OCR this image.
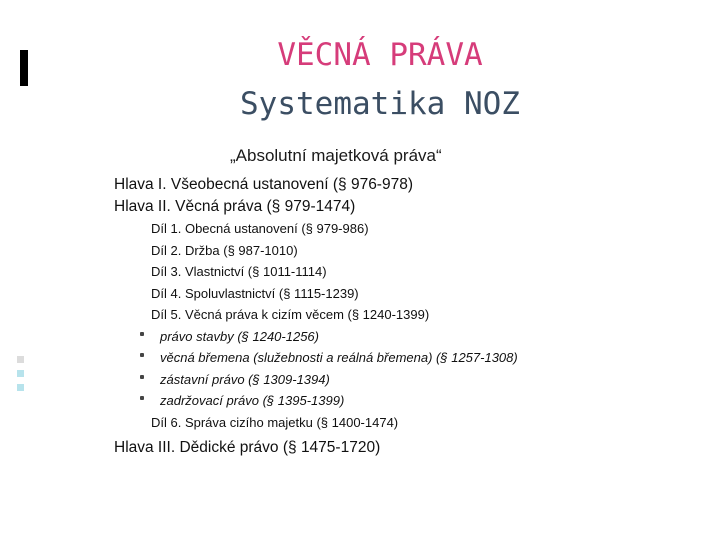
VĚCNÁ PRÁVA
Systematika NOZ
„Absolutní majetková práva“
Hlava I. Všeobecná ustanovení (§ 976-978)
Hlava II. Věcná práva (§ 979-1474)
Díl 1. Obecná ustanovení (§ 979-986)
Díl 2. Držba (§ 987-1010)
Díl 3. Vlastnictví (§ 1011-1114)
Díl 4. Spoluvlastnictví (§ 1115-1239)
Díl 5. Věcná práva k cizím věcem (§ 1240-1399)
právo stavby (§ 1240-1256)
věcná břemena (služebnosti a reálná břemena) (§ 1257-1308)
zástavní právo (§ 1309-1394)
zadržovací právo (§ 1395-1399)
Díl 6. Správa cizího majetku (§ 1400-1474)
Hlava III. Dědické právo (§ 1475-1720)
